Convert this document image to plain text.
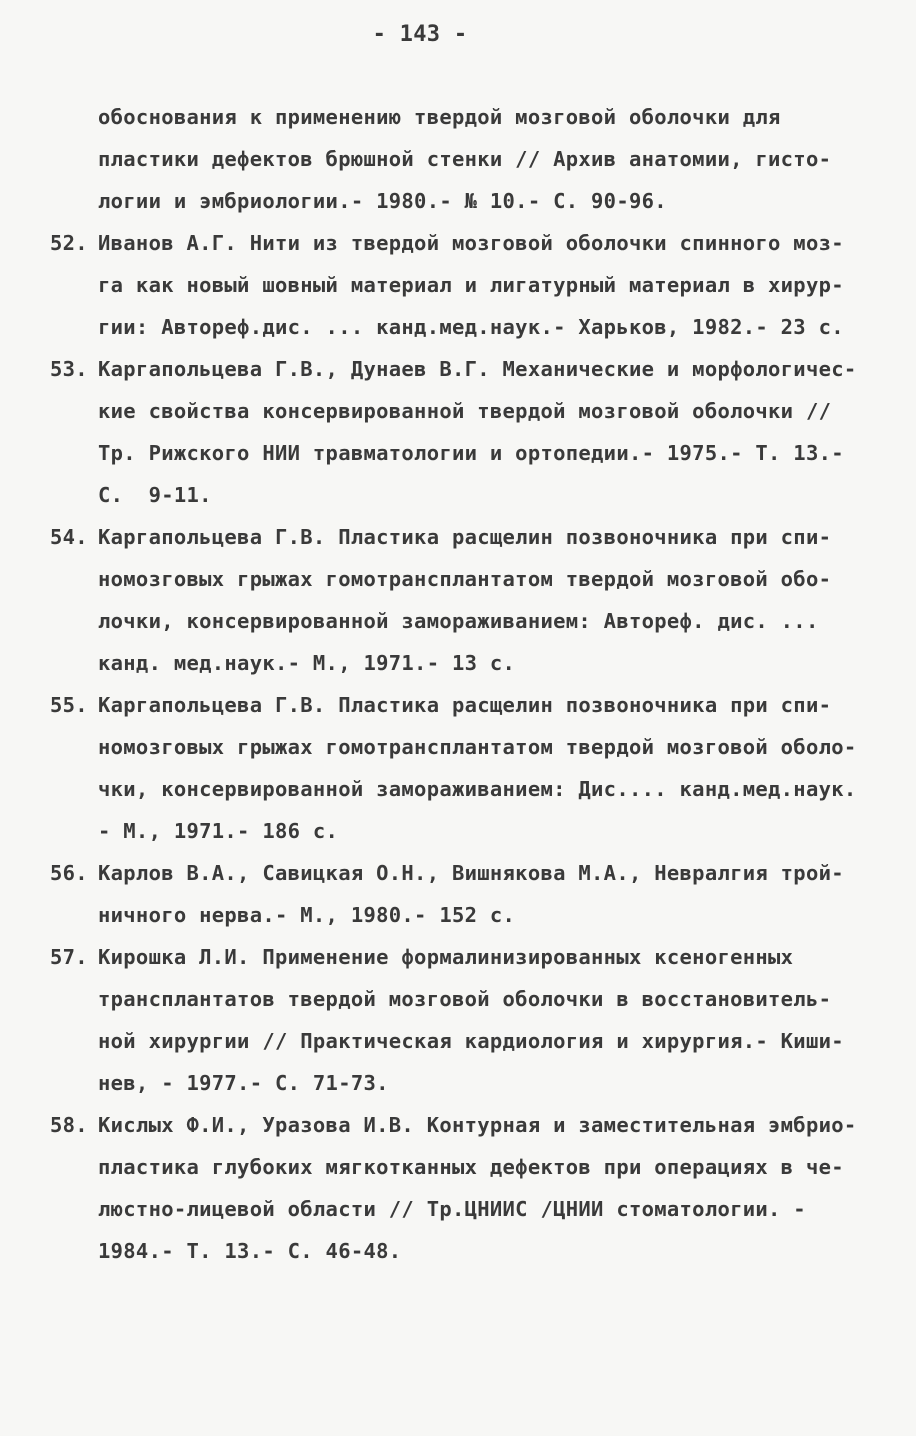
- 143 -
обоснования к применению твердой мозговой оболочки для
пластики дефектов брюшной стенки // Архив анатомии, гисто-
логии и эмбриологии.- 1980.- № 10.- С. 90-96.
52. Иванов А.Г. Нити из твердой мозговой оболочки спинного моз-
га как новый шовный материал и лигатурный материал в хирур-
гии: Автореф.дис. ... канд.мед.наук.- Харьков, 1982.- 23 с.
53. Каргапольцева Г.В., Дунаев В.Г. Механические и морфологичес-
кие свойства консервированной твердой мозговой оболочки //
Тр. Рижского НИИ травматологии и ортопедии.- 1975.- Т. 13.-
С.  9-11.
54. Каргапольцева Г.В. Пластика расщелин позвоночника при спи-
номозговых грыжах гомотрансплантатом твердой мозговой обо-
лочки, консервированной замораживанием: Автореф. дис. ...
канд. мед.наук.- М., 1971.- 13 с.
55. Каргапольцева Г.В. Пластика расщелин позвоночника при спи-
номозговых грыжах гомотрансплантатом твердой мозговой оболо-
чки, консервированной замораживанием: Дис.... канд.мед.наук.
- М., 1971.- 186 с.
56. Карлов В.А., Савицкая О.Н., Вишнякова М.А., Невралгия трой-
ничного нерва.- М., 1980.- 152 с.
57. Кирошка Л.И. Применение формалинизированных ксеногенных
трансплантатов твердой мозговой оболочки в восстановитель-
ной хирургии // Практическая кардиология и хирургия.- Киши-
нев, - 1977.- С. 71-73.
58. Кислых Ф.И., Уразова И.В. Контурная и заместительная эмбрио-
пластика глубоких мягкотканных дефектов при операциях в че-
люстно-лицевой области // Тр.ЦНИИС /ЦНИИ стоматологии. -
1984.- Т. 13.- С. 46-48.
